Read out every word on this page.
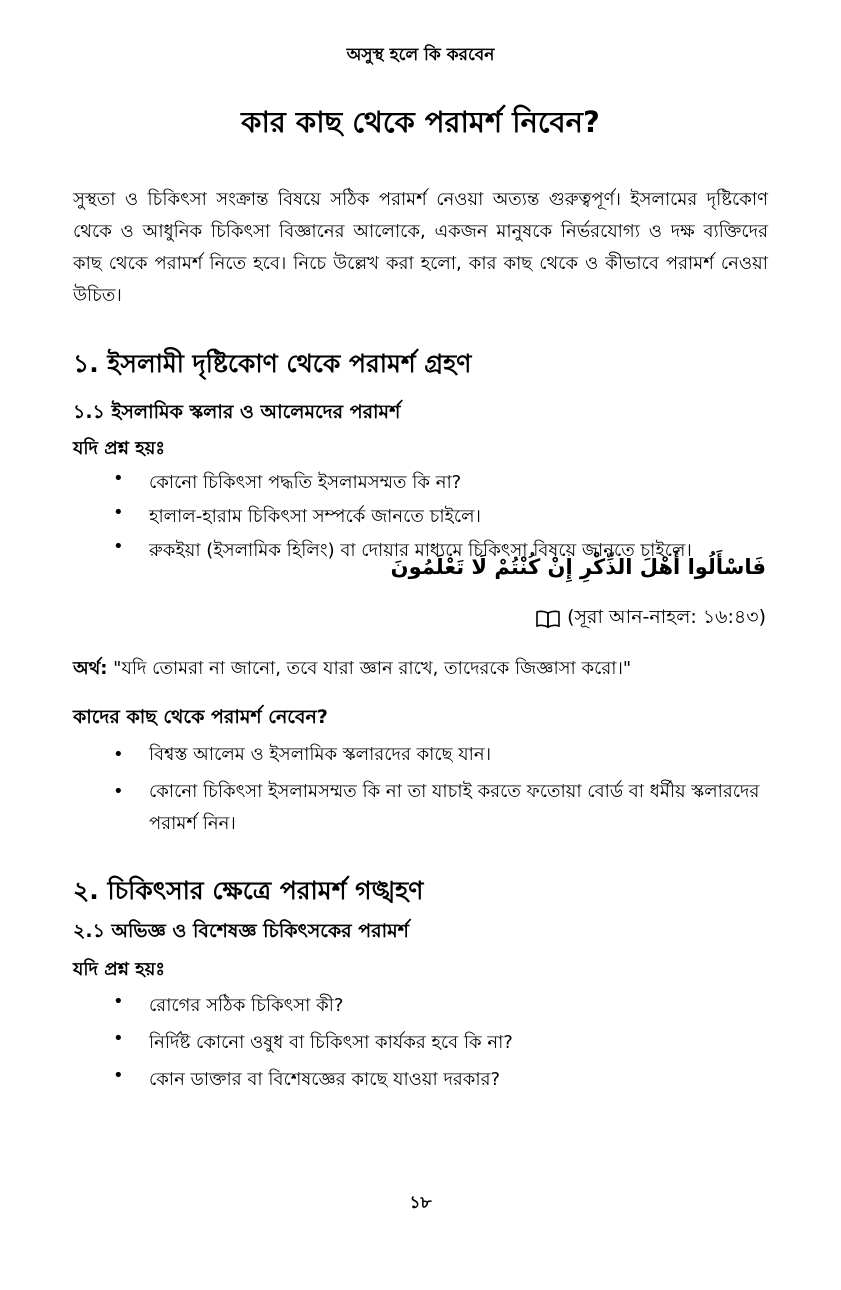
অসুস্থ হলে কি করবেন
কার কাছ থেকে পরামর্শ নিবেন?
সুস্থতা ও চিকিৎসা সংক্রান্ত বিষয়ে সঠিক পরামর্শ নেওয়া অত্যন্ত গুরুত্বপূর্ণ। ইসলামের দৃষ্টিকোণ থেকে ও আধুনিক চিকিৎসা বিজ্ঞানের আলোকে, একজন মানুষকে নির্ভরযোগ্য ও দক্ষ ব্যক্তিদের কাছ থেকে পরামর্শ নিতে হবে। নিচে উল্লেখ করা হলো, কার কাছ থেকে ও কীভাবে পরামর্শ নেওয়া উচিত।
১. ইসলামী দৃষ্টিকোণ থেকে পরামর্শ গ্রহণ
১.১ ইসলামিক স্কলার ও আলেমদের পরামর্শ
যদি প্রশ্ন হয়ঃ
• কোনো চিকিৎসা পদ্ধতি ইসলামসম্মত কি না?
• হালাল-হারাম চিকিৎসা সম্পর্কে জানতে চাইলে।
• রুকইয়া (ইসলামিক হিলিং) বা দোয়ার মাধ্যমে চিকিৎসা বিষয়ে জানতে চাইলে।
فَاسْأَلُوا أَهْلَ الذِّكْرِ إِنْ كُنْتُمْ لَا تَعْلَمُونَ
(সূরা আন-নাহল: ১৬:৪৩)
অর্থ: "যদি তোমরা না জানো, তবে যারা জ্ঞান রাখে, তাদেরকে জিজ্ঞাসা করো।"
কাদের কাছ থেকে পরামর্শ নেবেন?
• বিশ্বস্ত আলেম ও ইসলামিক স্কলারদের কাছে যান।
• কোনো চিকিৎসা ইসলামসম্মত কি না তা যাচাই করতে ফতোয়া বোর্ড বা ধর্মীয় স্কলারদের পরামর্শ নিন।
২. চিকিৎসার ক্ষেত্রে পরামর্শ গঙ্খহণ
২.১ অভিজ্ঞ ও বিশেষজ্ঞ চিকিৎসকের পরামর্শ
যদি প্রশ্ন হয়ঃ
• রোগের সঠিক চিকিৎসা কী?
• নির্দিষ্ট কোনো ওষুধ বা চিকিৎসা কার্যকর হবে কি না?
• কোন ডাক্তার বা বিশেষজ্ঞের কাছে যাওয়া দরকার?
১৮
